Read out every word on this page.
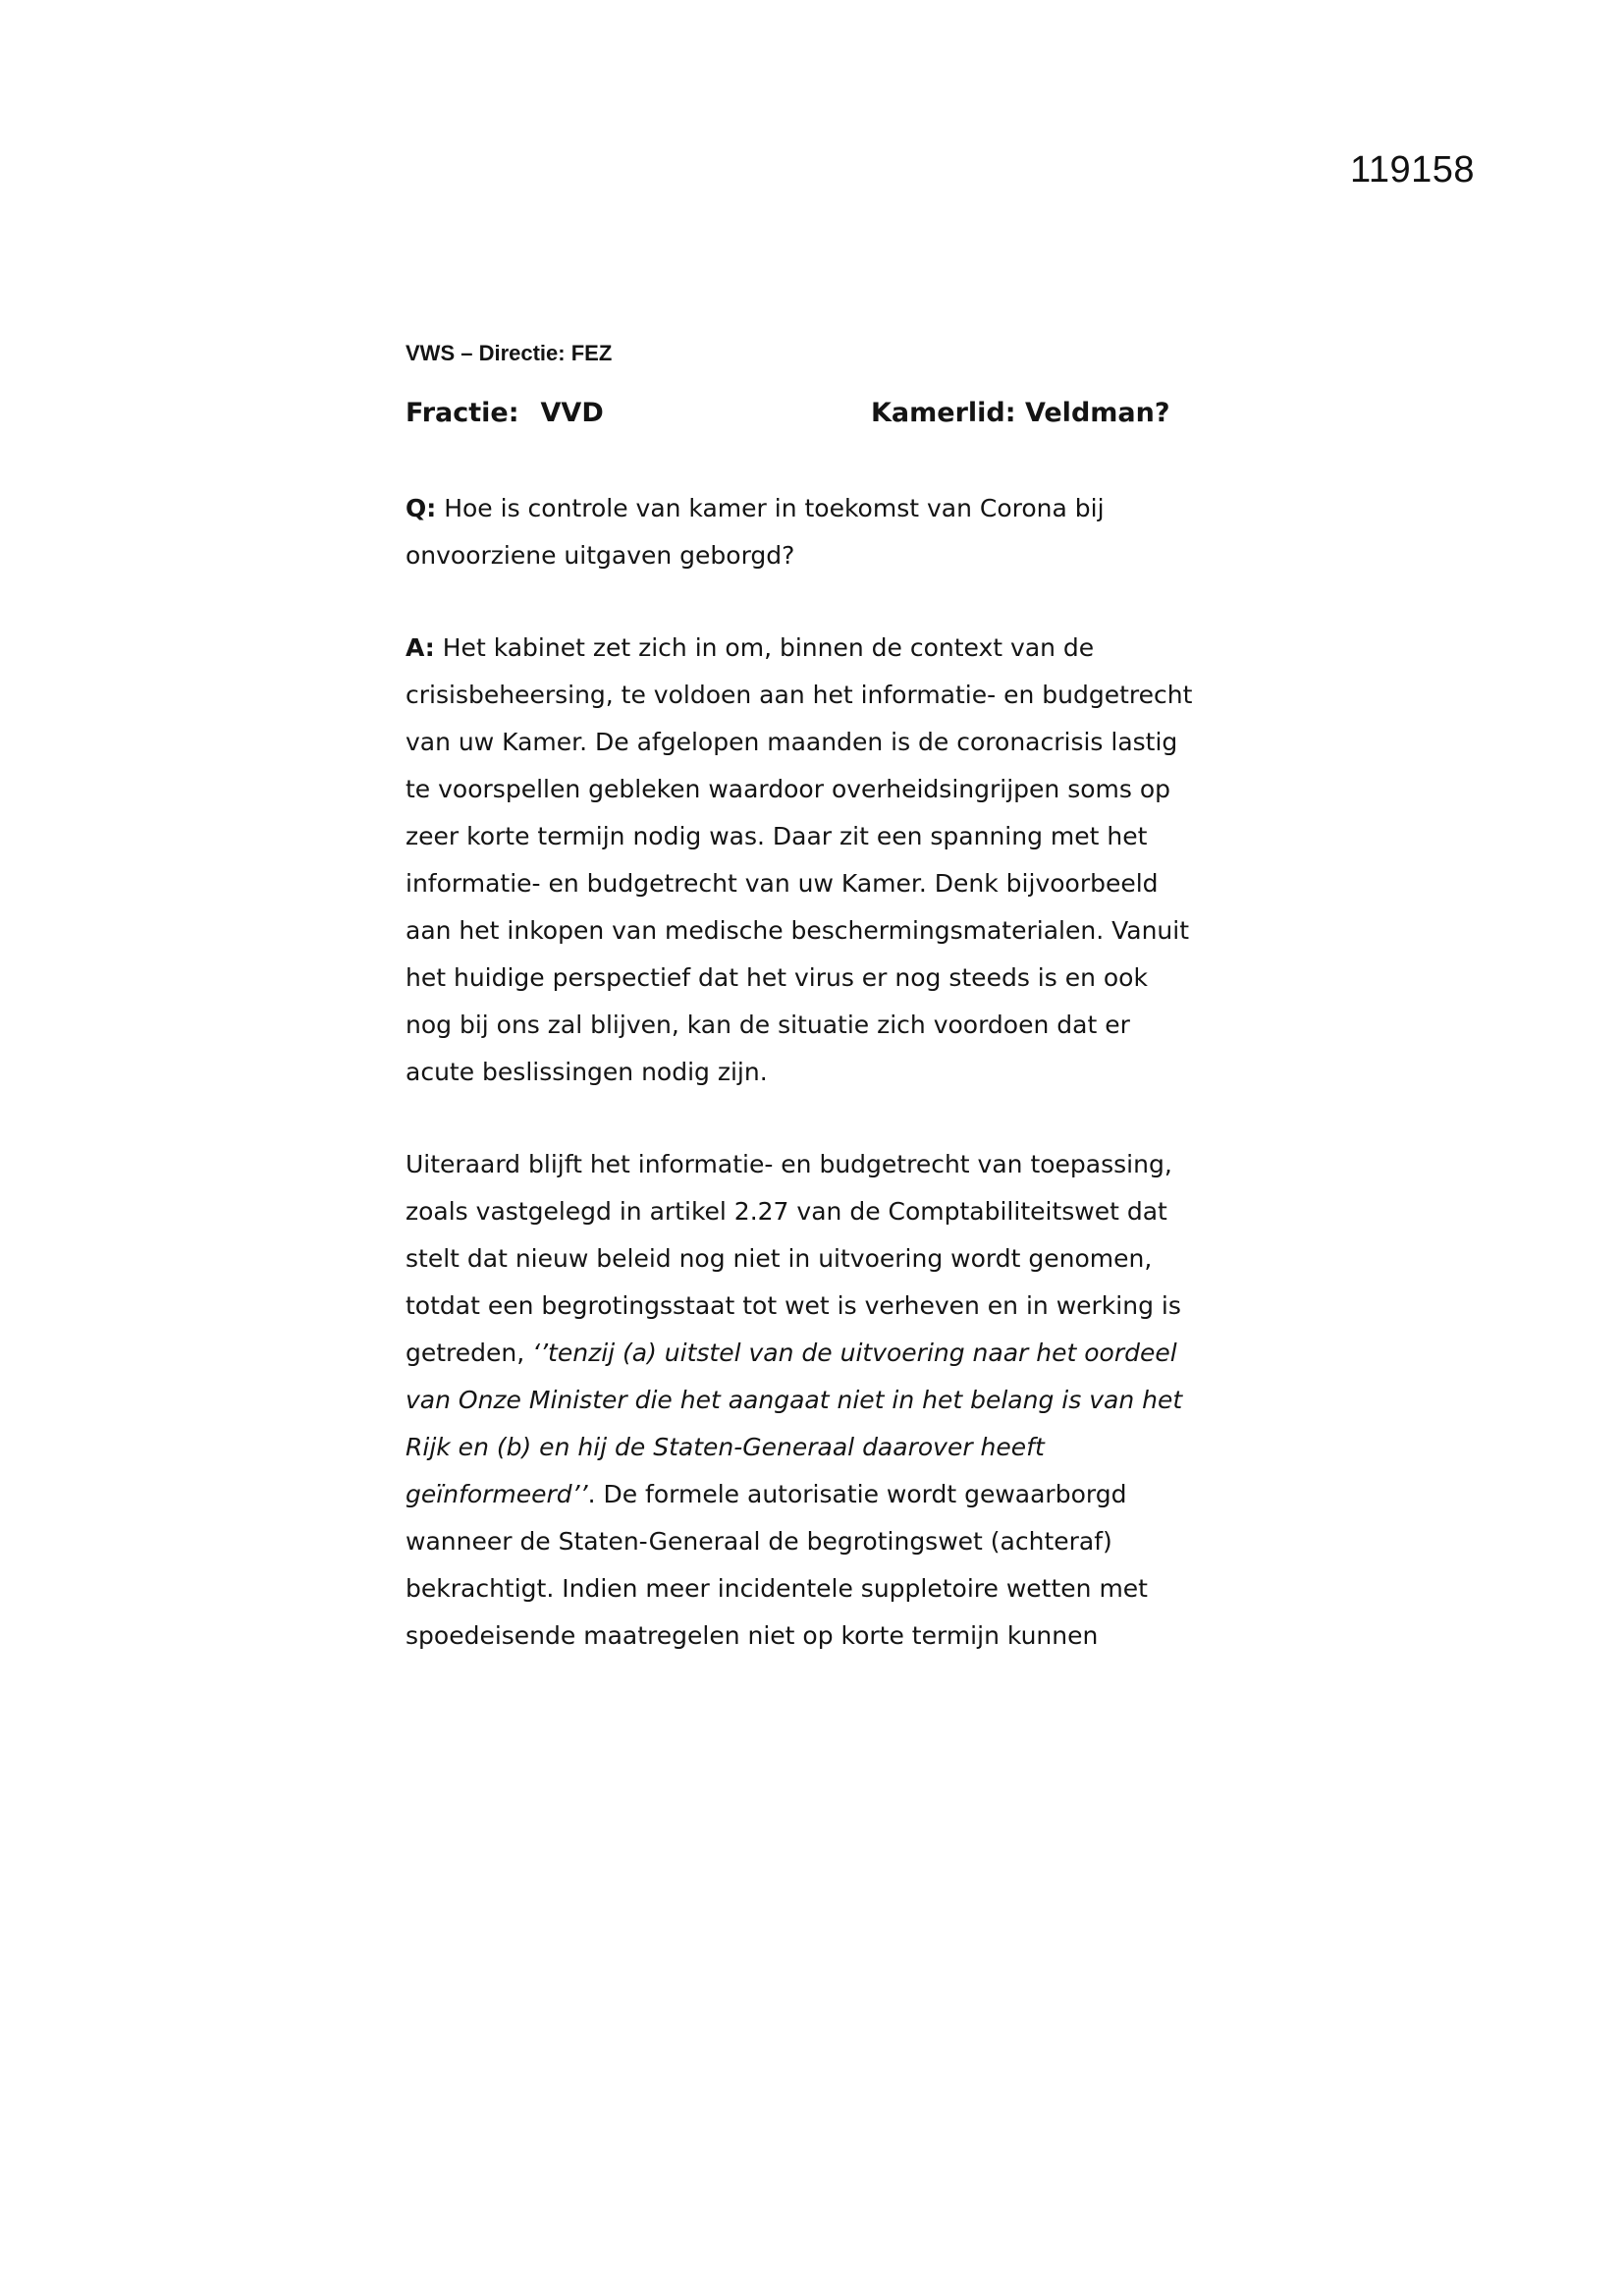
119158
VWS – Directie: FEZ
Fractie: VVD	Kamerlid: Veldman?
Q: Hoe is controle van kamer in toekomst van Corona bij
onvoorziene uitgaven geborgd?
A: Het kabinet zet zich in om, binnen de context van de
crisisbeheersing, te voldoen aan het informatie- en budgetrecht
van uw Kamer. De afgelopen maanden is de coronacrisis lastig
te voorspellen gebleken waardoor overheidsingrijpen soms op
zeer korte termijn nodig was. Daar zit een spanning met het
informatie- en budgetrecht van uw Kamer. Denk bijvoorbeeld
aan het inkopen van medische beschermingsmaterialen. Vanuit
het huidige perspectief dat het virus er nog steeds is en ook
nog bij ons zal blijven, kan de situatie zich voordoen dat er
acute beslissingen nodig zijn.
Uiteraard blijft het informatie- en budgetrecht van toepassing,
zoals vastgelegd in artikel 2.27 van de Comptabiliteitswet dat
stelt dat nieuw beleid nog niet in uitvoering wordt genomen,
totdat een begrotingsstaat tot wet is verheven en in werking is
getreden, ‘’tenzij (a) uitstel van de uitvoering naar het oordeel
van Onze Minister die het aangaat niet in het belang is van het
Rijk en (b) en hij de Staten-Generaal daarover heeft
geïnformeerd’’. De formele autorisatie wordt gewaarborgd
wanneer de Staten-Generaal de begrotingswet (achteraf)
bekrachtigt. Indien meer incidentele suppletoire wetten met
spoedeisende maatregelen niet op korte termijn kunnen
